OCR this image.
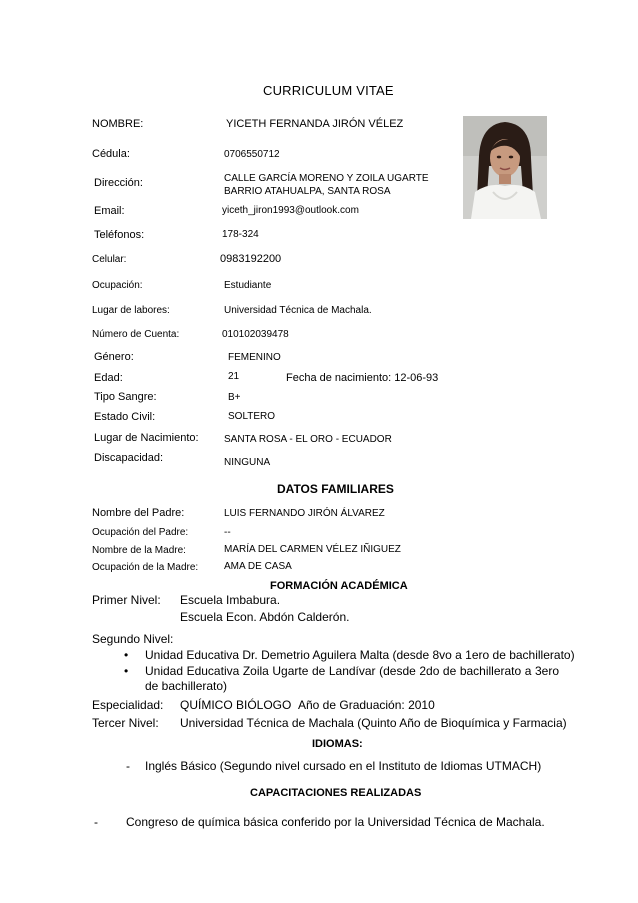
CURRICULUM VITAE
NOMBRE:	YICETH FERNANDA JIRÓN VÉLEZ
Cédula:	0706550712
Dirección:	CALLE GARCÍA MORENO Y ZOILA UGARTE
BARRIO ATAHUALPA, SANTA ROSA
Email:	yiceth_jiron1993@outlook.com
Teléfonos:	178-324
Celular:	0983192200
Ocupación:	Estudiante
Lugar de labores:	Universidad Técnica de Machala.
Número de Cuenta:	010102039478
Género:	FEMENINO
Edad:	21	Fecha de nacimiento: 12-06-93
Tipo Sangre:	B+
Estado Civil:	SOLTERO
Lugar de Nacimiento:	SANTA ROSA - EL ORO - ECUADOR
Discapacidad:	NINGUNA
DATOS FAMILIARES
Nombre del Padre:	LUIS FERNANDO JIRÓN ÁLVAREZ
Ocupación del Padre:	--
Nombre de la Madre:	MARÍA DEL CARMEN VÉLEZ IÑIGUEZ
Ocupación de la Madre:	AMA DE CASA
FORMACIÓN ACADÉMICA
Primer Nivel: Escuela Imbabura.
Escuela Econ. Abdón Calderón.
Segundo Nivel:
• Unidad Educativa Dr. Demetrio Aguilera Malta (desde 8vo a 1ero de bachillerato)
• Unidad Educativa Zoila Ugarte de Landívar (desde 2do de bachillerato a 3ero de bachillerato)
Especialidad: QUÍMICO BIÓLOGO Año de Graduación: 2010
Tercer Nivel: Universidad Técnica de Machala (Quinto Año de Bioquímica y Farmacia)
IDIOMAS:
- Inglés Básico (Segundo nivel cursado en el Instituto de Idiomas UTMACH)
CAPACITACIONES REALIZADAS
- Congreso de química básica conferido por la Universidad Técnica de Machala.
